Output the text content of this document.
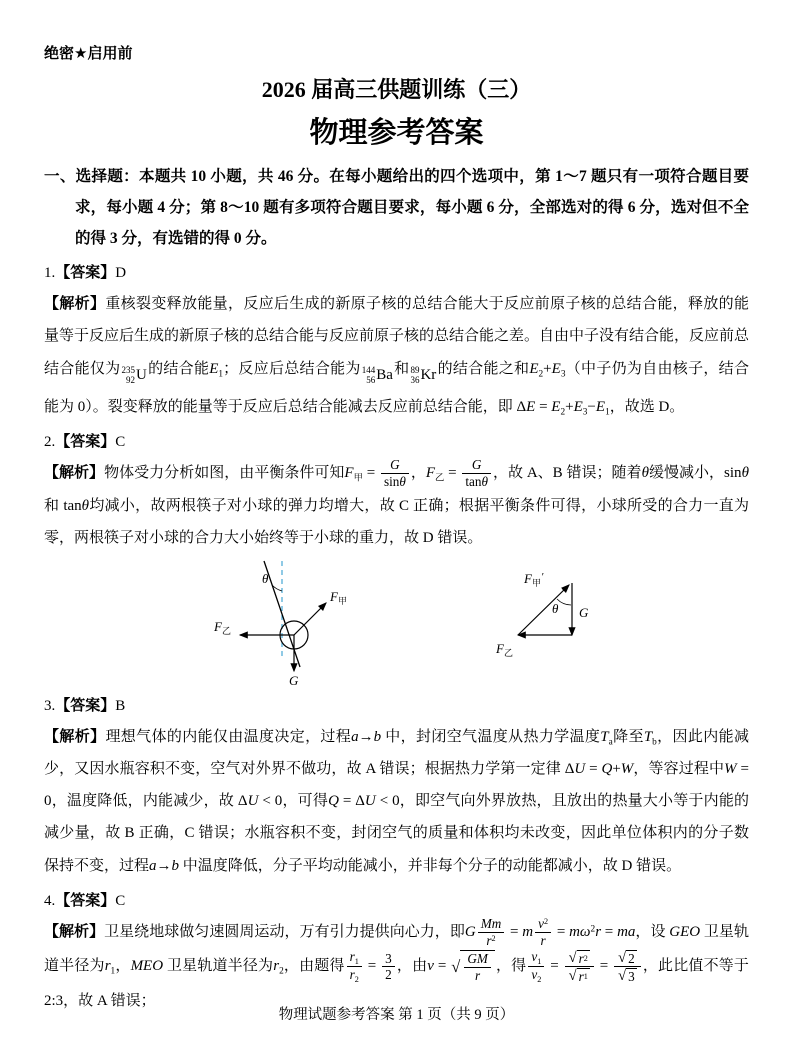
绝密★启用前
2026 届高三供题训练（三）
物理参考答案

一、选择题：本题共 10 小题，共 46 分。在每小题给出的四个选项中，第 1～7 题只有一项符合题目要求，每小题 4 分；第 8～10 题有多项符合题目要求，每小题 6 分，全部选对的得 6 分，选对但不全的得 3 分，有选错的得 0 分。

1.【答案】D

【解析】重核裂变释放能量，反应后生成的新原子核的总结合能大于反应前原子核的总结合能，释放的能量等于反应后生成的新原子核的总结合能与反应前原子核的总结合能之差。自由中子没有结合能，反应前总结合能仅为 235
92 U 的结合能$E_1$；反应后总结合能为 144
56 Ba 和 89
36 Kr 的结合能之和$E_2+E_3$（中子仍为自由核子，结合能为 0）。裂变释放的能量等于反应后总结合能减去反应前总结合能，即 $\Delta E = E_2+E_3-E_1$，故选 D。

2.【答案】C

【解析】物体受力分析如图，由平衡条件可知$F_甲 = \frac{G}{\sin\theta}$ ，$F_乙 = \frac{G}{\tan\theta}$ ，故 A、B 错误；随着θ缓慢减小，sinθ 和 tanθ均减小，故两根筷子对小球的弹力均增大，故 C 正确；根据平衡条件可得，小球所受的合力一直为零，两根筷子对小球的合力大小始终等于小球的重力，故 D 错误。

θ
$F_甲$
$F_乙$
G
G
$F_乙$
$F_甲'$
θ

3.【答案】B

【解析】理想气体的内能仅由温度决定，过程a→b 中，封闭空气温度从热力学温度$T_a$降至$T_b$，因此内能减少，又因水瓶容积不变，空气对外界不做功，故 A 错误；根据热力学第一定律 ΔU = Q+W，等容过程中W = 0，温度降低，内能减少，故 ΔU < 0，可得Q = ΔU < 0，即空气向外界放热，且放出的热量大小等于内能的减少量，故 B 正确，C 错误；水瓶容积不变，封闭空气的质量和体积均未改变，因此单位体积内的分子数保持不变，过程a→b 中温度降低，分子平均动能减小，并非每个分子的动能都减小，故 D 错误。

4.【答案】C

【解析】卫星绕地球做匀速圆周运动，万有引力提供向心力，即G $\frac{Mm}{r^2} = m \frac{v^2}{r} = m\omega^2r$ = ma，设 GEO 卫星轨道半径为$r_1$，MEO 卫星轨道半径为$r_2$，由题得 $\frac{r_1}{r_2} = \frac{3}{2}$ ，由v = √ $\frac{GM}{r}$ ，得 $\frac{v_1}{v_2} = \frac{√ r 2}{√ r 1} = \frac{√ 2}{√ 3}$ ，此比值不等于 2:3，故 A 错误；

物理试题参考答案 第 1 页（共 9 页）
